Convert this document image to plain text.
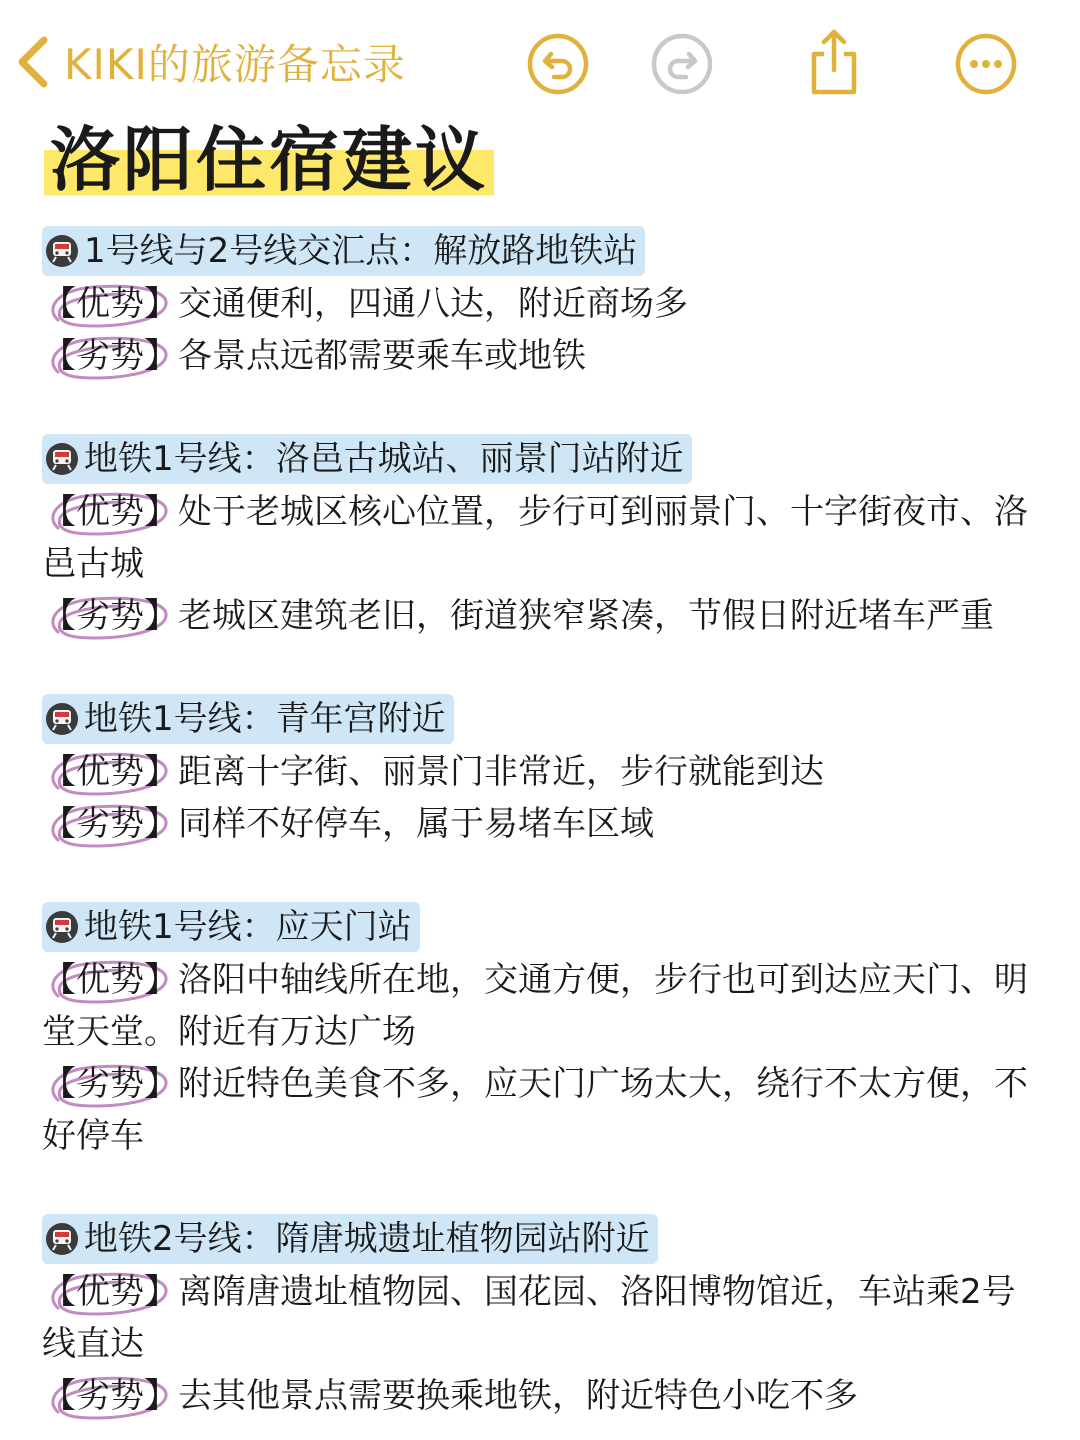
KIKI的旅游备忘录
洛阳住宿建议
1号线与2号线交汇点：解放路地铁站
【优势】交通便利，四通八达，附近商场多
【劣势】各景点远都需要乘车或地铁
地铁1号线：洛邑古城站、丽景门站附近
【优势】处于老城区核心位置，步行可到丽景门、十字街夜市、洛邑古城
【劣势】老城区建筑老旧，街道狭窄紧凑，节假日附近堵车严重
地铁1号线：青年宫附近
【优势】距离十字街、丽景门非常近，步行就能到达
【劣势】同样不好停车，属于易堵车区域
地铁1号线：应天门站
【优势】洛阳中轴线所在地，交通方便，步行也可到达应天门、明堂天堂。附近有万达广场
【劣势】附近特色美食不多，应天门广场太大，绕行不太方便，不好停车
地铁2号线：隋唐城遗址植物园站附近
【优势】离隋唐遗址植物园、国花园、洛阳博物馆近，车站乘2号线直达
【劣势】去其他景点需要换乘地铁，附近特色小吃不多
